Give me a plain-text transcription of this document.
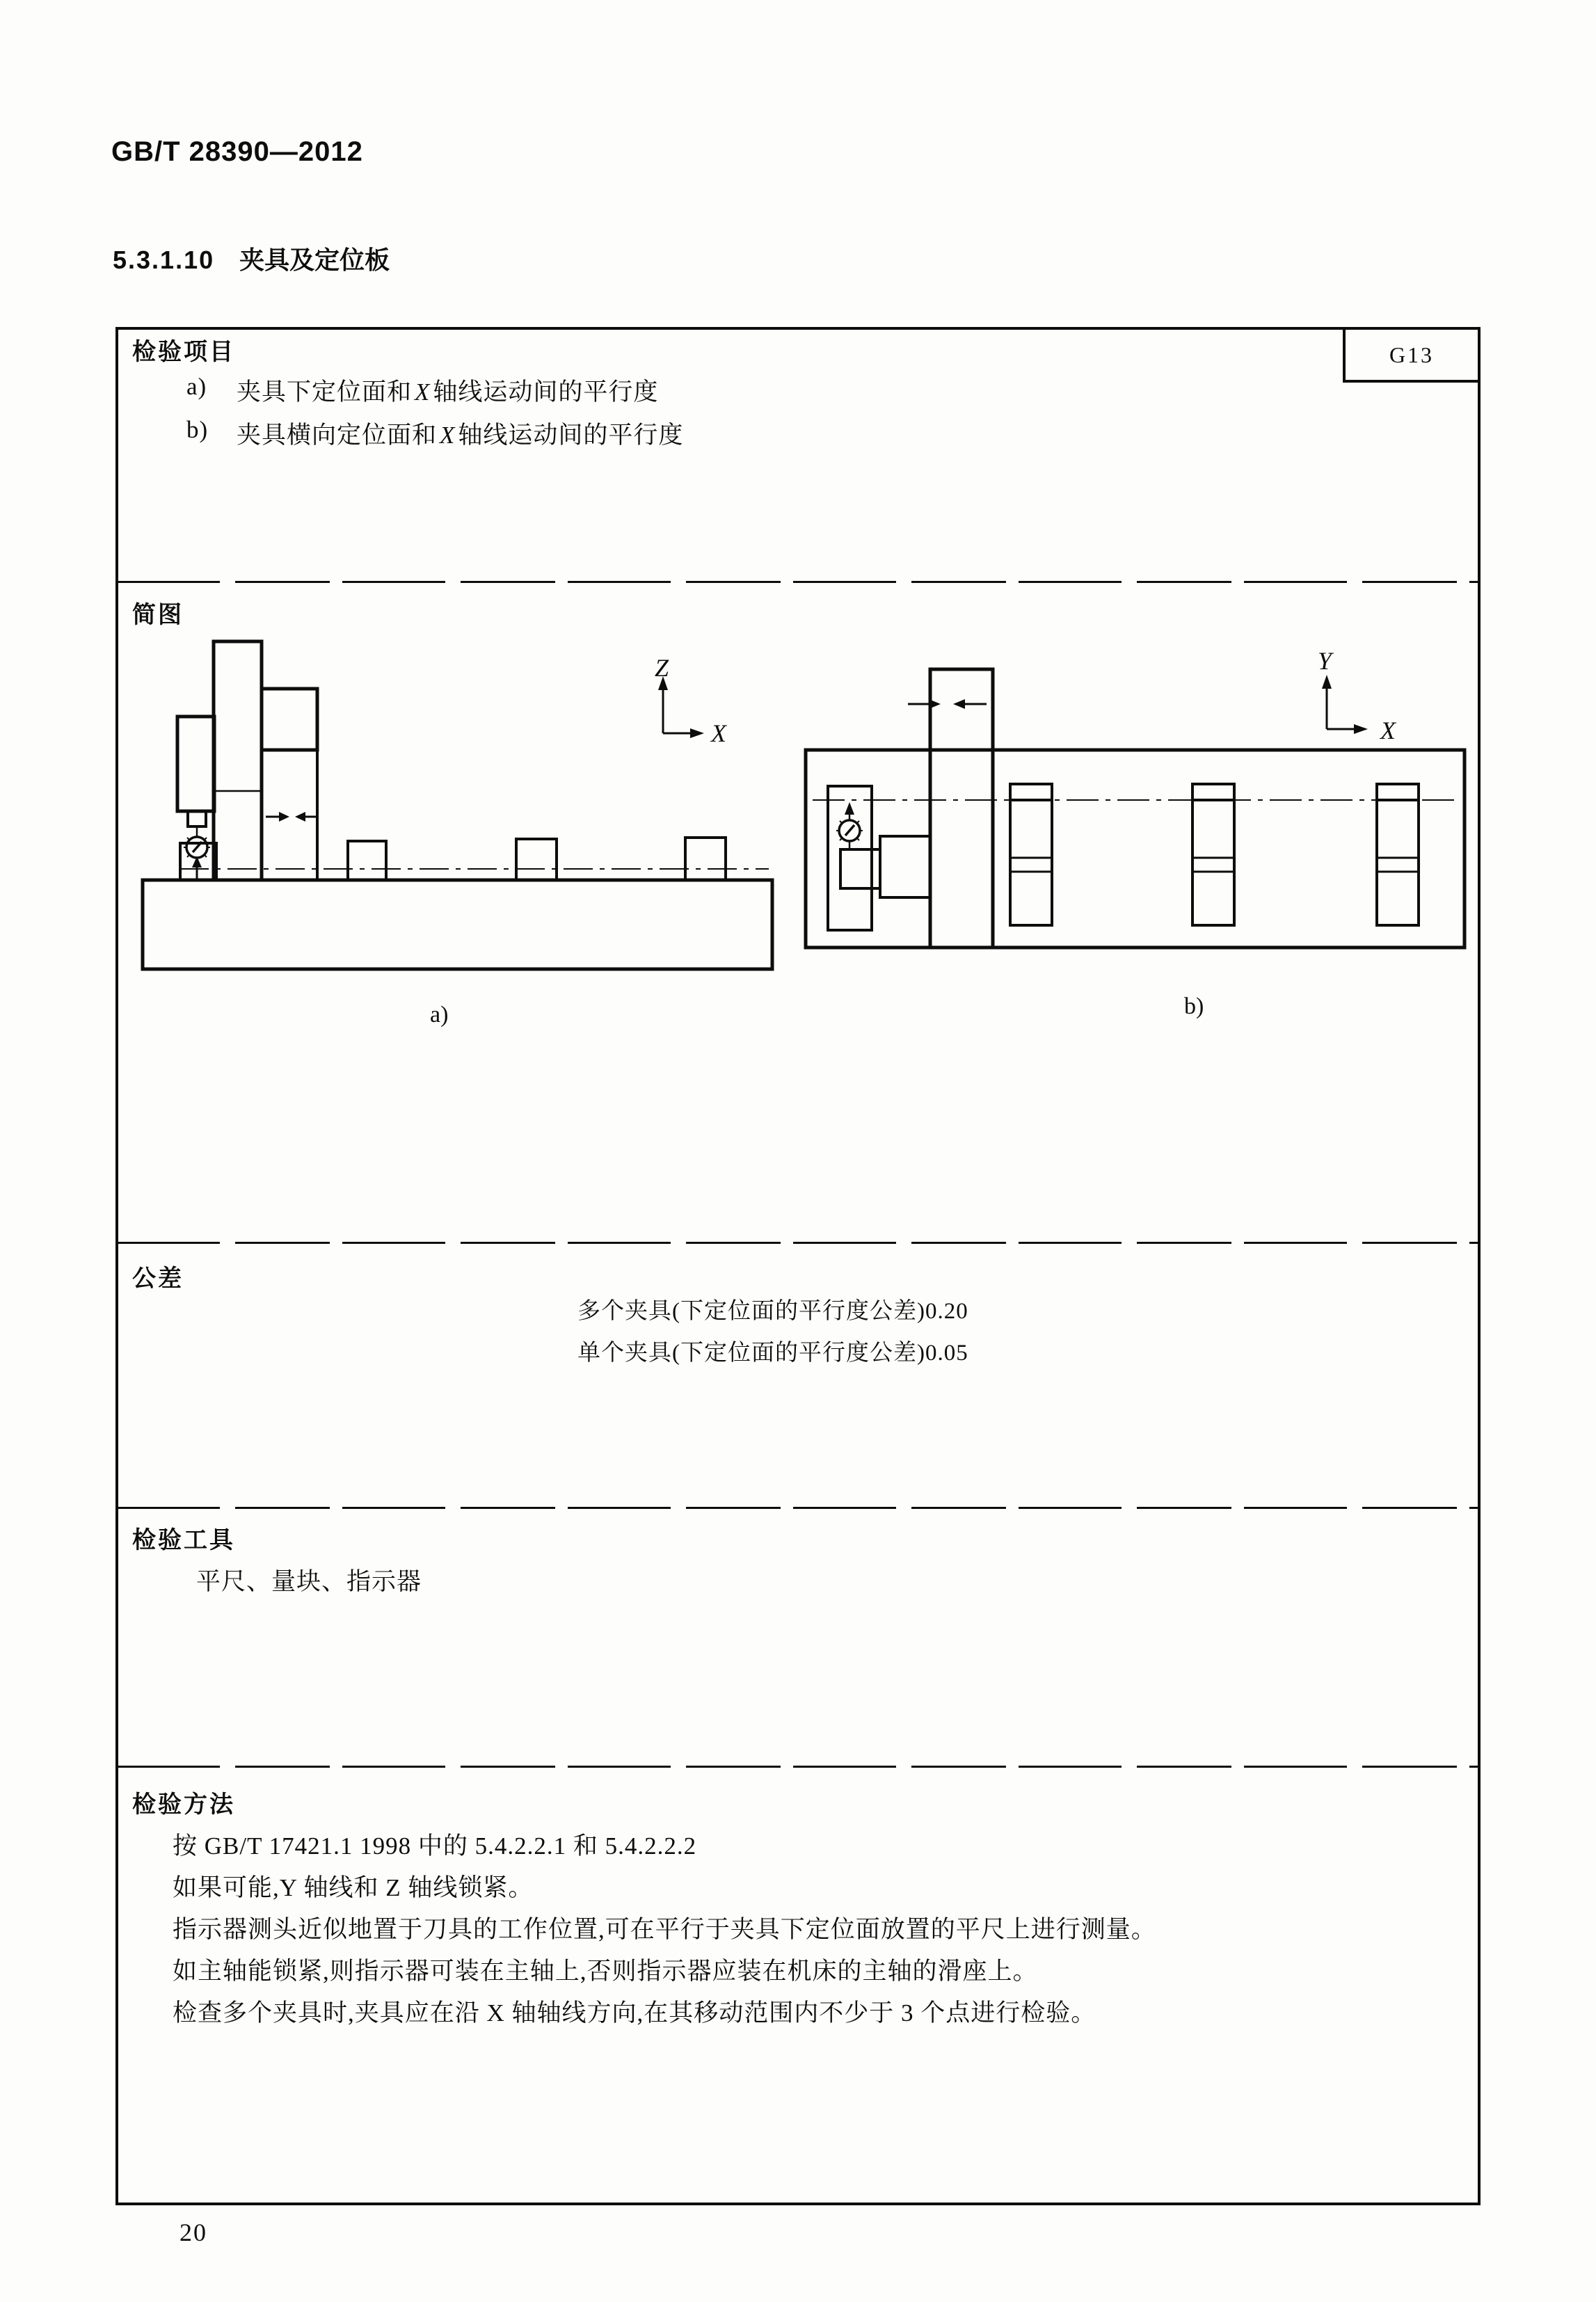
GB/T 28390—2012
5.3.1.10 夹具及定位板
G13
检验项目
a) 夹具下定位面和 X 轴线运动间的平行度
b) 夹具横向定位面和 X 轴线运动间的平行度
简图
Z
X
Y
X
a)	b)
公差
多个夹具(下定位面的平行度公差)0.20
单个夹具(下定位面的平行度公差)0.05
检验工具
平尺、量块、指示器
检验方法
按 GB/T 17421.1 1998 中的 5.4.2.2.1 和 5.4.2.2.2
如果可能,Y 轴线和 Z 轴线锁紧。
指示器测头近似地置于刀具的工作位置,可在平行于夹具下定位面放置的平尺上进行测量。
如主轴能锁紧,则指示器可装在主轴上,否则指示器应装在机床的主轴的滑座上。
检查多个夹具时,夹具应在沿 X 轴轴线方向,在其移动范围内不少于 3 个点进行检验。
20
